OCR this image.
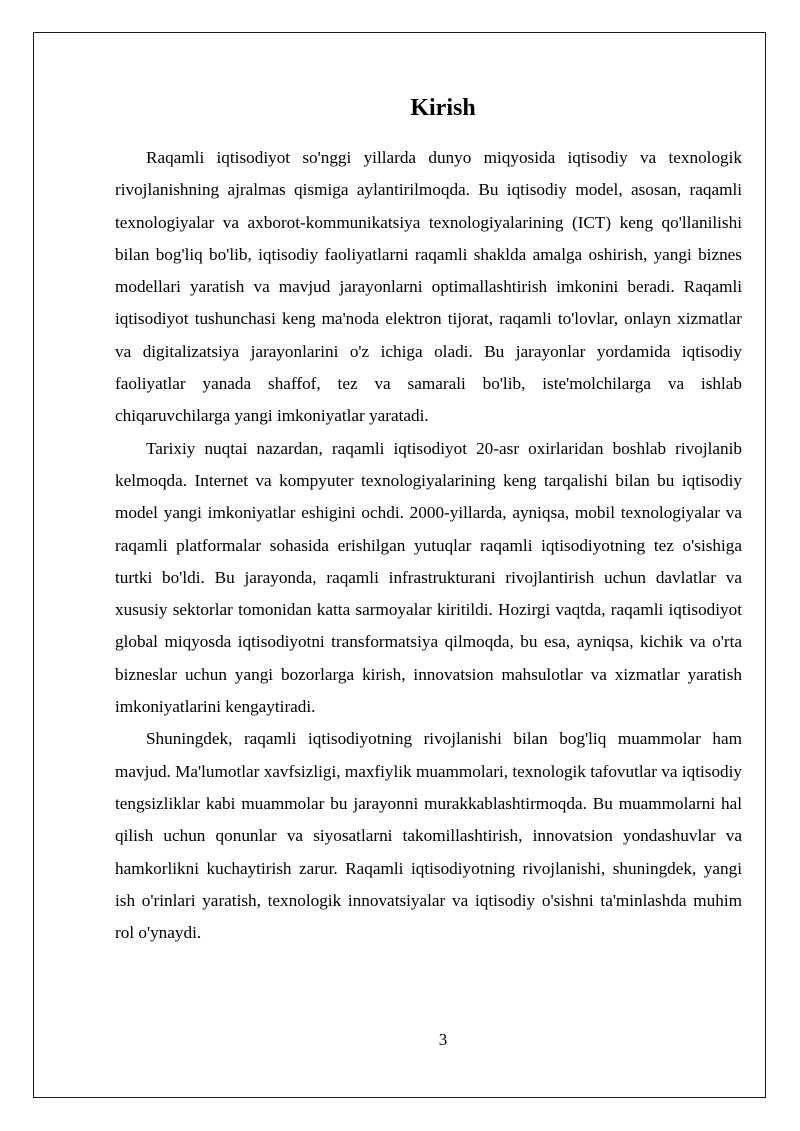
Kirish

Raqamli iqtisodiyot so'nggi yillarda dunyo miqyosida iqtisodiy va texnologik rivojlanishning ajralmas qismiga aylantirilmoqda. Bu iqtisodiy model, asosan, raqamli texnologiyalar va axborot-kommunikatsiya texnologiyalarining (ICT) keng qo'llanilishi bilan bog'liq bo'lib, iqtisodiy faoliyatlarni raqamli shaklda amalga oshirish, yangi biznes modellari yaratish va mavjud jarayonlarni optimallashtirish imkonini beradi. Raqamli iqtisodiyot tushunchasi keng ma'noda elektron tijorat, raqamli to'lovlar, onlayn xizmatlar va digitalizatsiya jarayonlarini o'z ichiga oladi. Bu jarayonlar yordamida iqtisodiy faoliyatlar yanada shaffof, tez va samarali bo'lib, iste'molchilarga va ishlab chiqaruvchilarga yangi imkoniyatlar yaratadi.

Tarixiy nuqtai nazardan, raqamli iqtisodiyot 20-asr oxirlaridan boshlab rivojlanib kelmoqda. Internet va kompyuter texnologiyalarining keng tarqalishi bilan bu iqtisodiy model yangi imkoniyatlar eshigini ochdi. 2000-yillarda, ayniqsa, mobil texnologiyalar va raqamli platformalar sohasida erishilgan yutuqlar raqamli iqtisodiyotning tez o'sishiga turtki bo'ldi. Bu jarayonda, raqamli infrastrukturani rivojlantirish uchun davlatlar va xususiy sektorlar tomonidan katta sarmoyalar kiritildi. Hozirgi vaqtda, raqamli iqtisodiyot global miqyosda iqtisodiyotni transformatsiya qilmoqda, bu esa, ayniqsa, kichik va o'rta bizneslar uchun yangi bozorlarga kirish, innovatsion mahsulotlar va xizmatlar yaratish imkoniyatlarini kengaytiradi.

Shuningdek, raqamli iqtisodiyotning rivojlanishi bilan bog'liq muammolar ham mavjud. Ma'lumotlar xavfsizligi, maxfiylik muammolari, texnologik tafovutlar va iqtisodiy tengsizliklar kabi muammolar bu jarayonni murakkablashtirmoqda. Bu muammolarni hal qilish uchun qonunlar va siyosatlarni takomillashtirish, innovatsion yondashuvlar va hamkorlikni kuchaytirish zarur. Raqamli iqtisodiyotning rivojlanishi, shuningdek, yangi ish o'rinlari yaratish, texnologik innovatsiyalar va iqtisodiy o'sishni ta'minlashda muhim rol o'ynaydi.

3
